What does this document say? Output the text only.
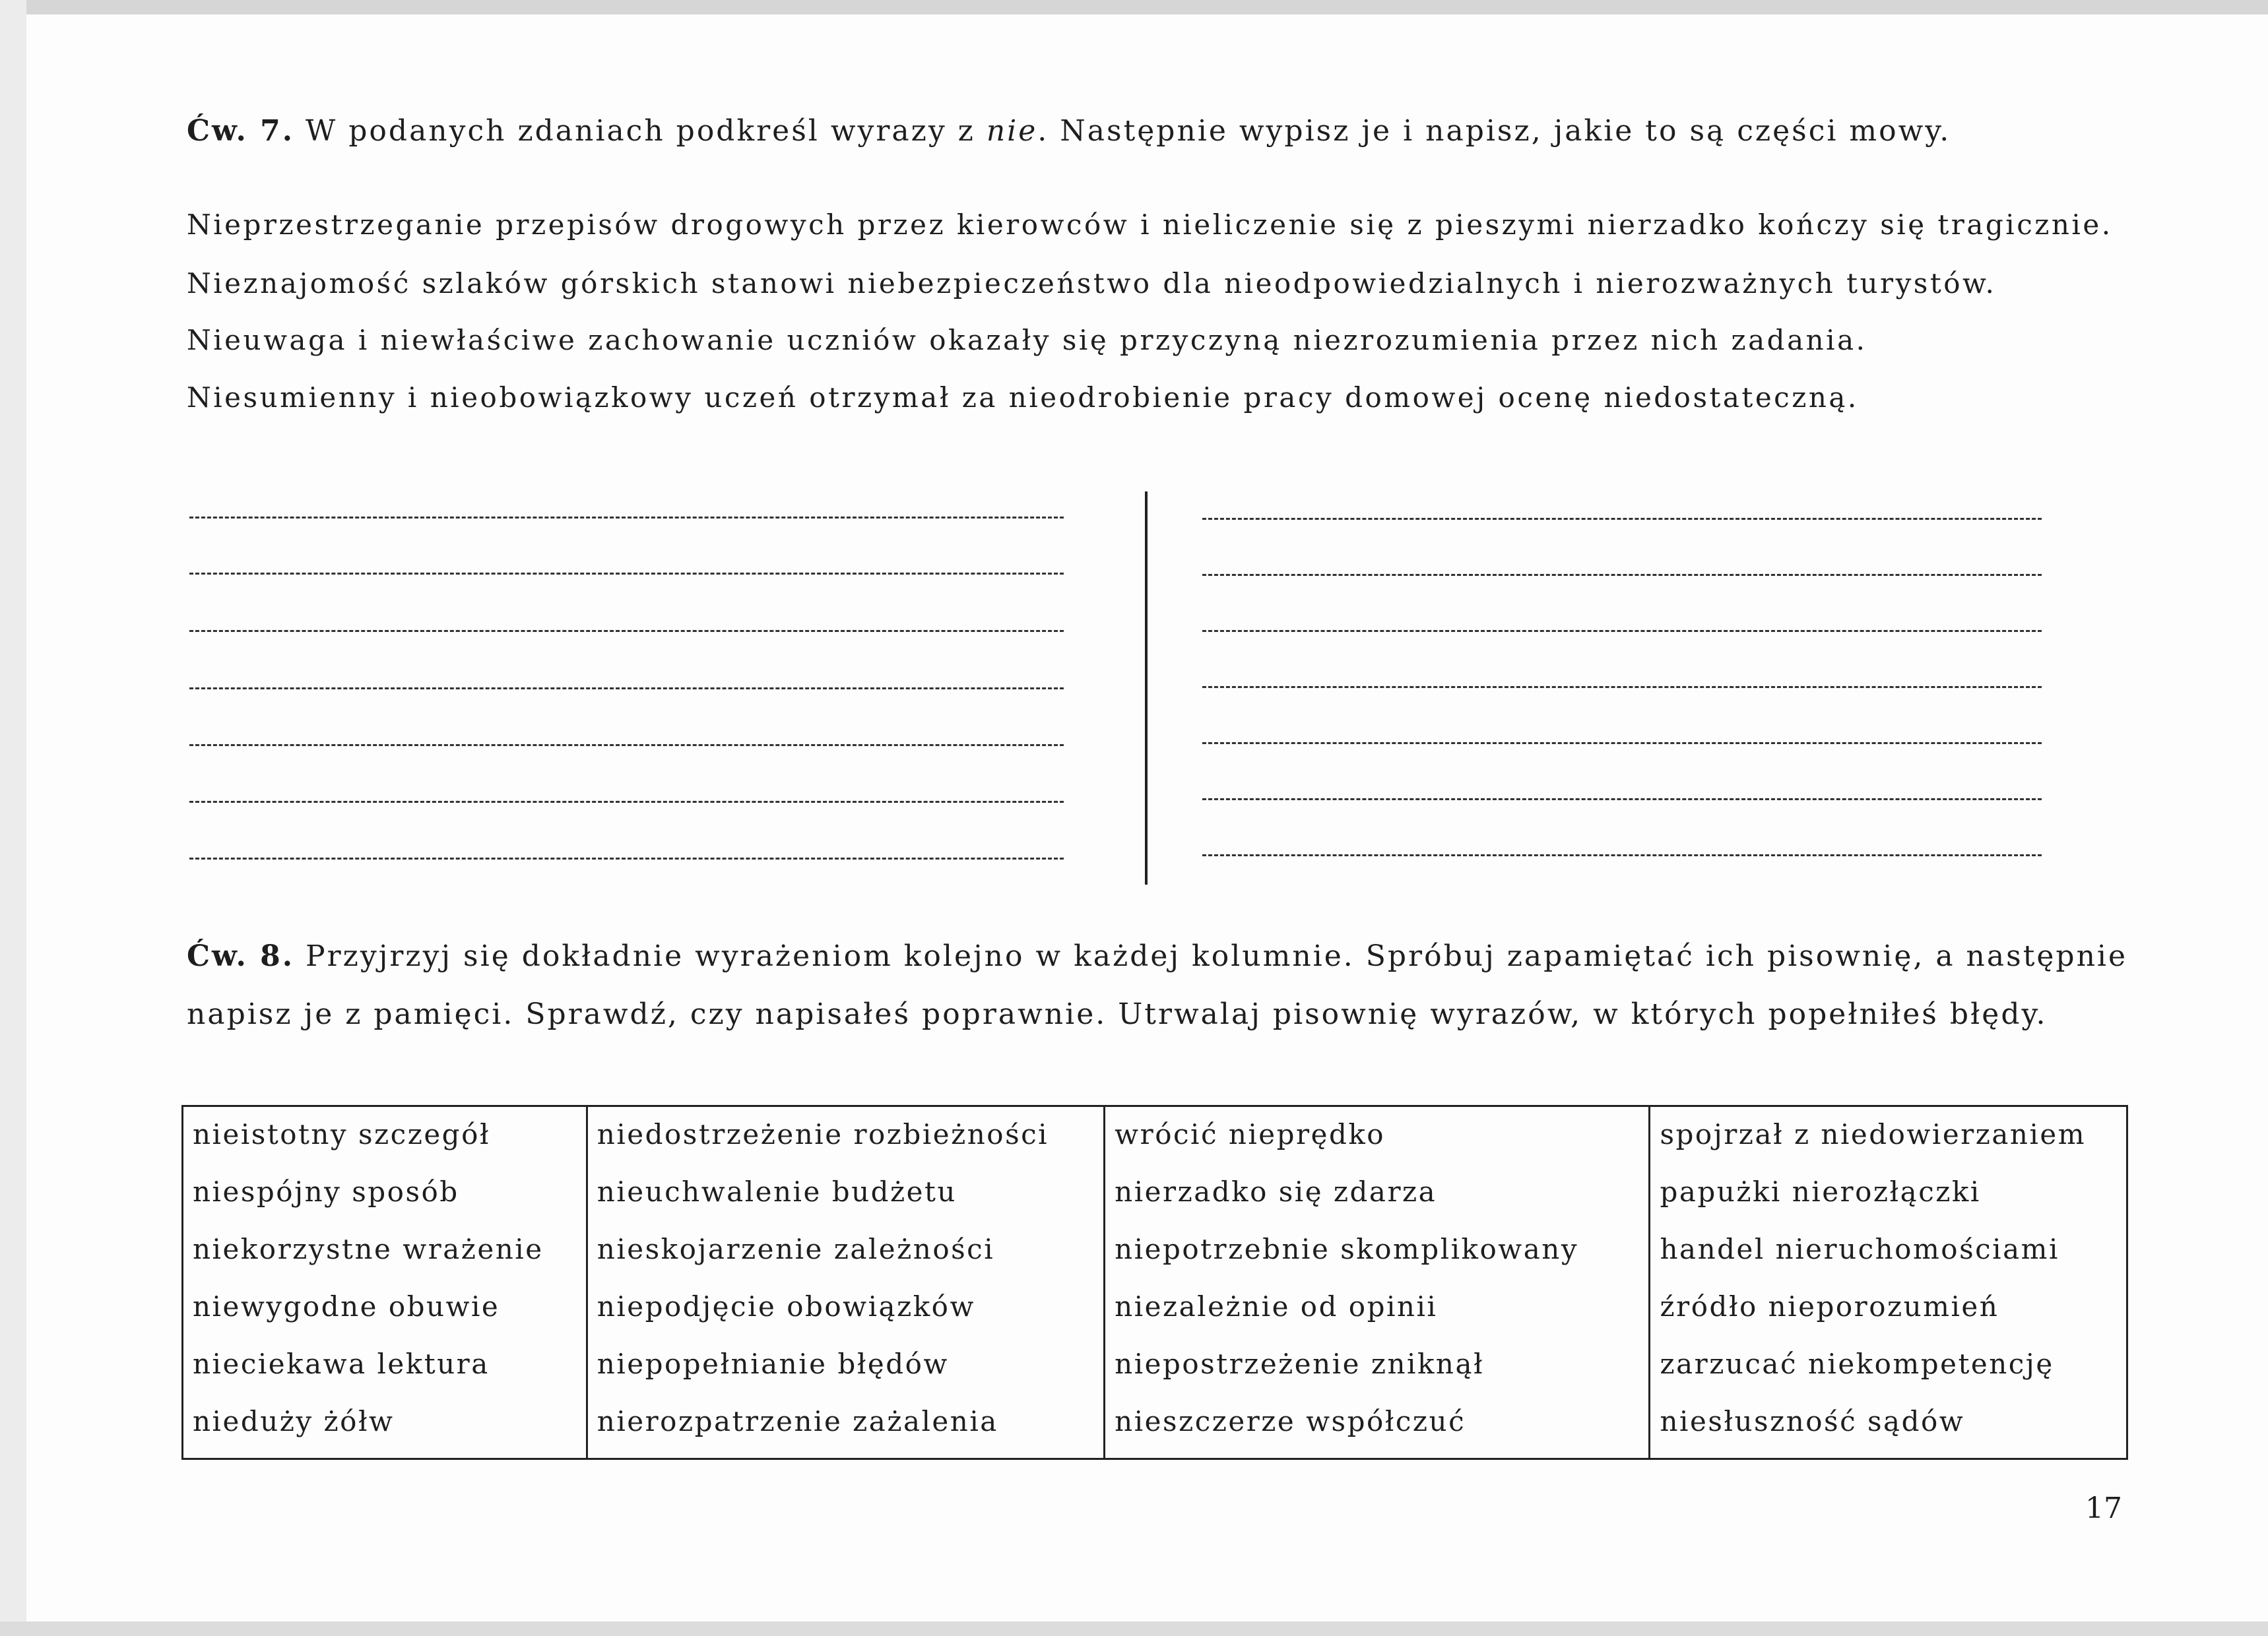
Ćw. 7. W podanych zdaniach podkreśl wyrazy z nie. Następnie wypisz je i napisz, jakie to są części mowy.
Nieprzestrzeganie przepisów drogowych przez kierowców i nieliczenie się z pieszymi nierzadko kończy się tragicznie.
Nieznajomość szlaków górskich stanowi niebezpieczeństwo dla nieodpowiedzialnych i nierozważnych turystów.
Nieuwaga i niewłaściwe zachowanie uczniów okazały się przyczyną niezrozumienia przez nich zadania.
Niesumienny i nieobowiązkowy uczeń otrzymał za nieodrobienie pracy domowej ocenę niedostateczną.
Ćw. 8. Przyjrzyj się dokładnie wyrażeniom kolejno w każdej kolumnie. Spróbuj zapamiętać ich pisownię, a następnie
napisz je z pamięci. Sprawdź, czy napisałeś poprawnie. Utrwalaj pisownię wyrazów, w których popełniłeś błędy.
nieistotny szczegół
niespójny sposób
niekorzystne wrażenie
niewygodne obuwie
nieciekawa lektura
nieduży żółw
niedostrzeżenie rozbieżności
nieuchwalenie budżetu
nieskojarzenie zależności
niepodjęcie obowiązków
niepopełnianie błędów
nierozpatrzenie zażalenia
wrócić nieprędko
nierzadko się zdarza
niepotrzebnie skomplikowany
niezależnie od opinii
niepostrzeżenie zniknął
nieszczerze współczuć
spojrzał z niedowierzaniem
papużki nierozłączki
handel nieruchomościami
źródło nieporozumień
zarzucać niekompetencję
niesłuszność sądów
17
